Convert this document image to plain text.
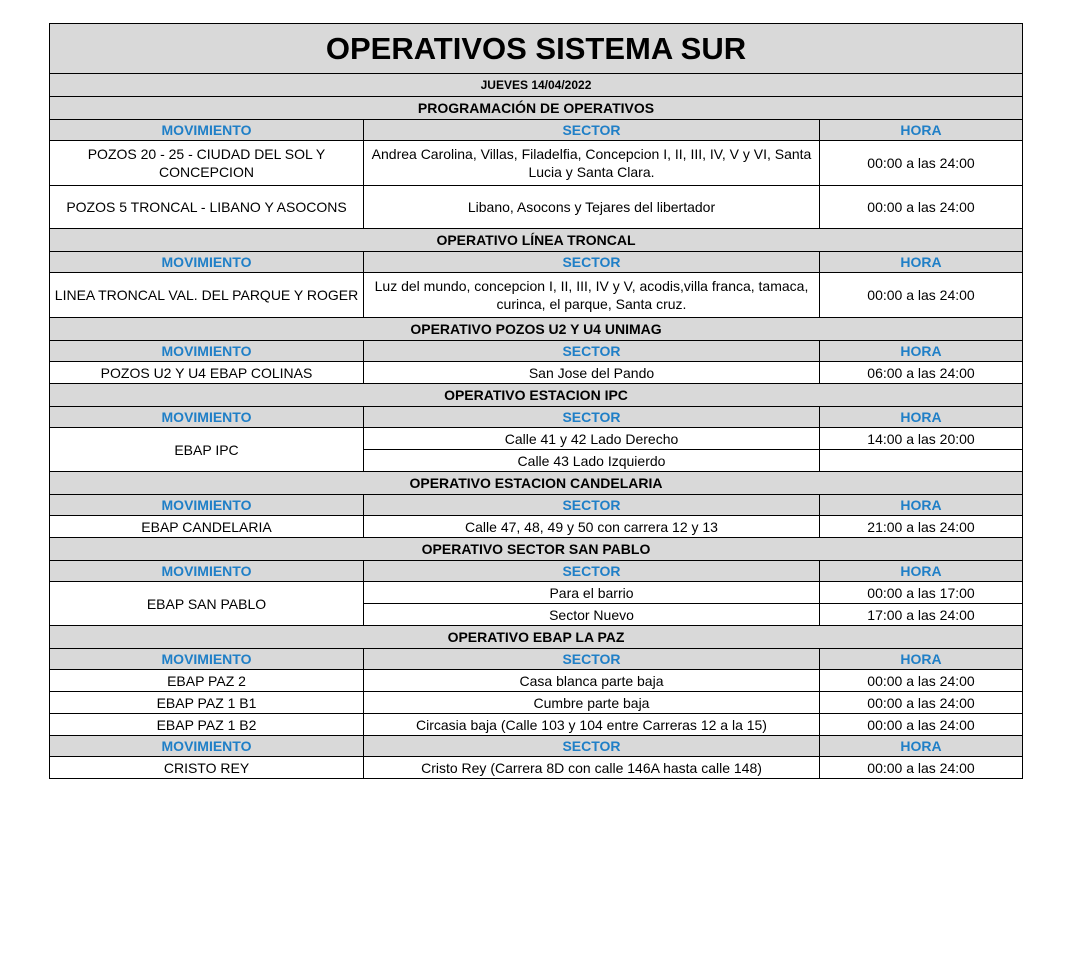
OPERATIVOS SISTEMA SUR		
JUEVES 14/04/2022		
PROGRAMACIÓN DE OPERATIVOS		
MOVIMIENTO	SECTOR	HORA
POZOS 20 - 25 - CIUDAD DEL SOL Y CONCEPCION	Andrea Carolina, Villas, Filadelfia, Concepcion I, II, III, IV, V y VI, Santa Lucia y Santa Clara.	00:00 a las 24:00
POZOS 5 TRONCAL - LIBANO Y ASOCONS	Libano, Asocons y Tejares del libertador	00:00 a las 24:00
OPERATIVO LÍNEA TRONCAL		
MOVIMIENTO	SECTOR	HORA
LINEA TRONCAL VAL. DEL PARQUE Y ROGER	Luz del mundo, concepcion I, II, III, IV y V, acodis,villa franca, tamaca, curinca, el parque, Santa cruz.	00:00 a las 24:00
OPERATIVO POZOS U2 Y U4 UNIMAG		
MOVIMIENTO	SECTOR	HORA
POZOS U2 Y U4 EBAP COLINAS	San Jose del Pando	06:00 a las 24:00
OPERATIVO ESTACION IPC		
MOVIMIENTO	SECTOR	HORA
EBAP IPC	Calle 41 y 42 Lado Derecho	14:00 a las 20:00
	Calle 43 Lado Izquierdo	
OPERATIVO ESTACION CANDELARIA		
MOVIMIENTO	SECTOR	HORA
EBAP CANDELARIA	Calle 47, 48, 49 y 50 con carrera 12 y 13	21:00 a las 24:00
OPERATIVO SECTOR SAN PABLO		
MOVIMIENTO	SECTOR	HORA
EBAP SAN PABLO	Para el barrio	00:00 a las 17:00
	Sector Nuevo	17:00 a las 24:00
OPERATIVO EBAP LA PAZ		
MOVIMIENTO	SECTOR	HORA
EBAP PAZ 2	Casa blanca parte baja	00:00 a las 24:00
EBAP PAZ 1 B1	Cumbre parte baja	00:00 a las 24:00
EBAP PAZ 1 B2	Circasia baja (Calle 103 y 104 entre Carreras 12 a la 15)	00:00 a las 24:00
MOVIMIENTO	SECTOR	HORA
CRISTO REY	Cristo Rey (Carrera 8D con calle 146A hasta calle 148)	00:00 a las 24:00
